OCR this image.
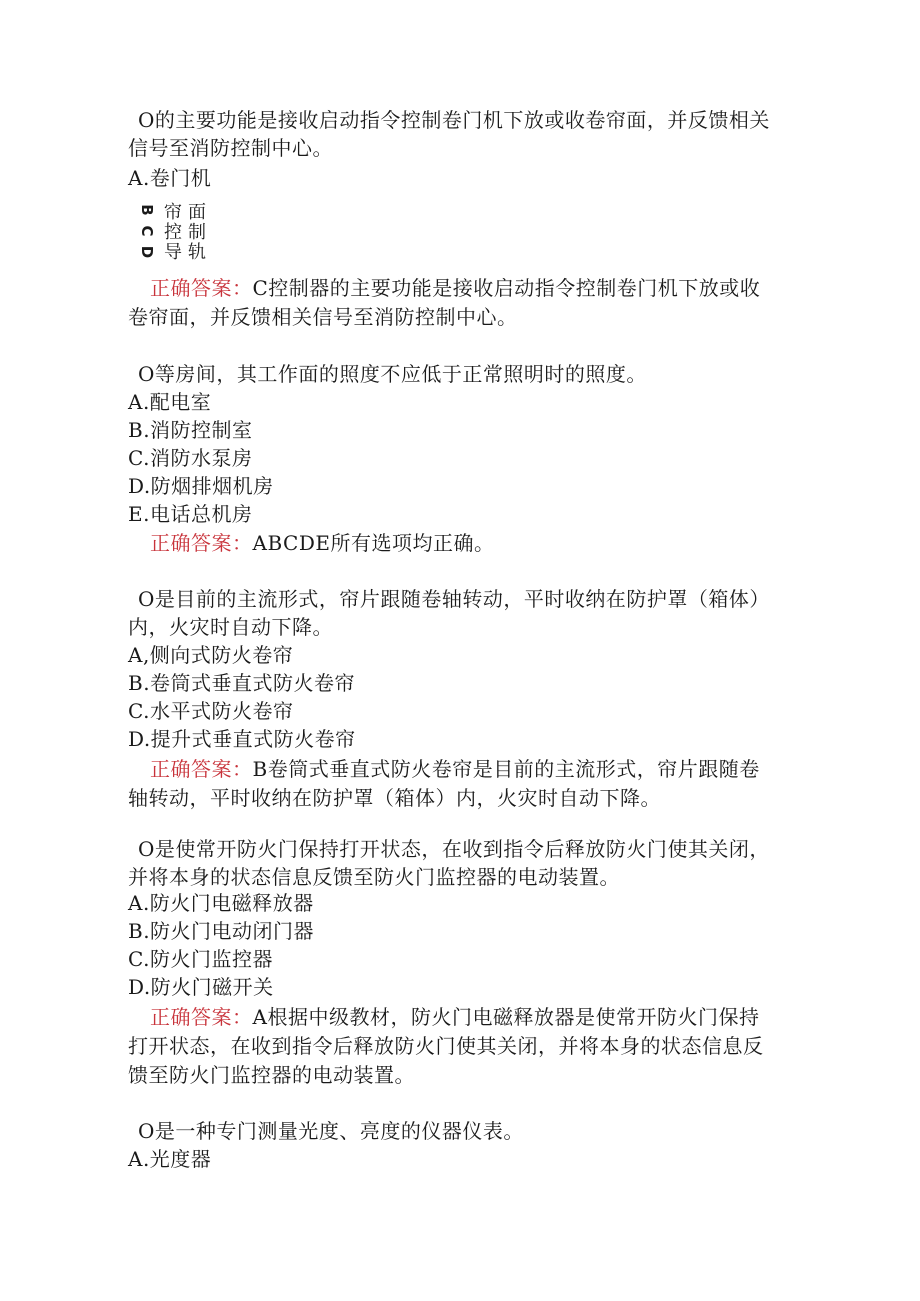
O的主要功能是接收启动指令控制卷门机下放或收卷帘面，并反馈相关

信号至消防控制中心。

A.卷门机

B
C
D

帘面

控制

导轨

正确答案：C控制器的主要功能是接收启动指令控制卷门机下放或收

卷帘面，并反馈相关信号至消防控制中心。

O等房间，其工作面的照度不应低于正常照明时的照度。

A.配电室

B.消防控制室

C.消防水泵房

D.防烟排烟机房

E.电话总机房

正确答案：ABCDE所有选项均正确。

O是目前的主流形式，帘片跟随卷轴转动，平时收纳在防护罩（箱体）

内，火灾时自动下降。

A,侧向式防火卷帘

B.卷筒式垂直式防火卷帘

C.水平式防火卷帘

D.提升式垂直式防火卷帘

正确答案：B卷筒式垂直式防火卷帘是目前的主流形式，帘片跟随卷

轴转动，平时收纳在防护罩（箱体）内，火灾时自动下降。

O是使常开防火门保持打开状态，在收到指令后释放防火门使其关闭，

并将本身的状态信息反馈至防火门监控器的电动装置。

A.防火门电磁释放器

B.防火门电动闭门器

C.防火门监控器

D.防火门磁开关

正确答案：A根据中级教材，防火门电磁释放器是使常开防火门保持

打开状态，在收到指令后释放防火门使其关闭，并将本身的状态信息反

馈至防火门监控器的电动装置。

O是一种专门测量光度、亮度的仪器仪表。

A.光度器
